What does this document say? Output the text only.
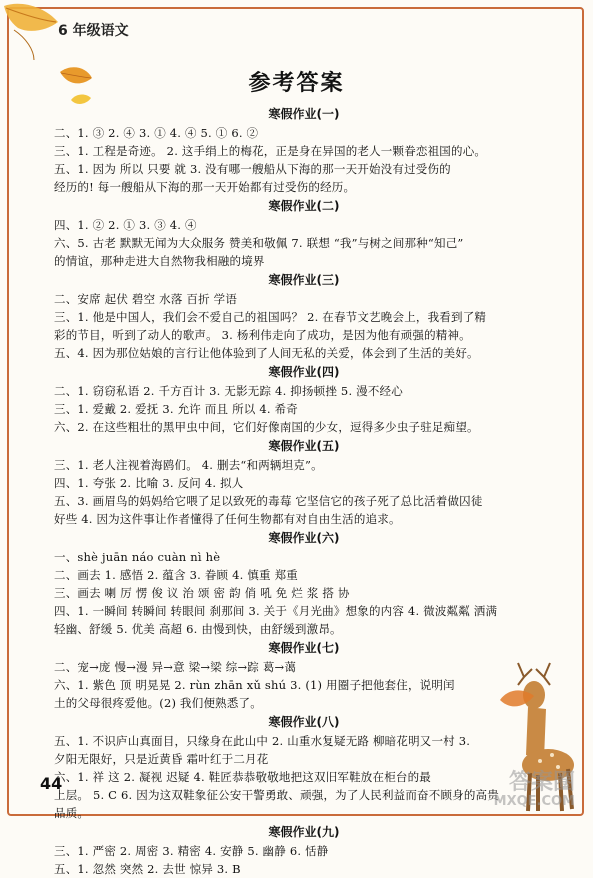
6 年级语文
参考答案
寒假作业(一)
二、1. ③ 2. ④ 3. ① 4. ④ 5. ① 6. ②
三、1. 工程是奇迹。 2. 这手绢上的梅花，正是身在异国的老人一颗眷恋祖国的心。
五、1. 因为 所以 只要 就 3. 没有哪一艘船从下海的那一天开始没有过受伤的
经历的! 每一艘船从下海的那一天开始都有过受伤的经历。
寒假作业(二)
四、1. ② 2. ① 3. ③ 4. ④
六、5. 古老 默默无闻为大众服务 赞美和敬佩 7. 联想 “我”与树之间那种“知己”
的情谊，那种走进大自然物我相融的境界
寒假作业(三)
二、安席 起伏 碧空 水落 百折 学语
三、1. 他是中国人，我们会不爱自己的祖国吗？ 2. 在春节文艺晚会上，我看到了精
彩的节目，听到了动人的歌声。 3. 杨利伟走向了成功，是因为他有顽强的精神。
五、4. 因为那位姑娘的言行让他体验到了人间无私的关爱，体会到了生活的美好。
寒假作业(四)
二、1. 窃窃私语 2. 千方百计 3. 无影无踪 4. 抑扬顿挫 5. 漫不经心
三、1. 爱戴 2. 爱抚 3. 允许 而且 所以 4. 希奇
六、2. 在这些粗壮的黑甲虫中间，它们好像南国的少女，逗得多少虫子驻足痴望。
寒假作业(五)
三、1. 老人注视着海鸥们。 4. 删去“和两辆坦克”。
四、1. 夸张 2. 比喻 3. 反问 4. 拟人
五、3. 画眉鸟的妈妈给它喂了足以致死的毒莓 它坚信它的孩子死了总比活着做囚徒
好些 4. 因为这件事让作者懂得了任何生物都有对自由生活的追求。
寒假作业(六)
一、shè juān náo cuàn nì hè
二、画去 1. 感悟 2. 蕴含 3. 眷顾 4. 慎重 郑重
三、画去 喇 厉 愣 俊 议 治 颂 密 韵 俏 吼 免 烂 浆 搭 协
四、1. 一瞬间 转瞬间 转眼间 刹那间 3. 关于《月光曲》想象的内容 4. 微波粼粼 洒满
轻幽、舒缓 5. 优美 高超 6. 由慢到快，由舒缓到激昂。
寒假作业(七)
二、宠→庞 慢→漫 异→意 梁→梁 综→踪 葛→蔼
六、1. 紫色 顶 明晃晃 2. rùn zhān xǔ shú 3. (1) 用圈子把他套住，说明闰
土的父母很疼爱他。(2) 我们便熟悉了。
寒假作业(八)
五、1. 不识庐山真面目，只缘身在此山中 2. 山重水复疑无路 柳暗花明又一村 3.
夕阳无限好，只是近黄昏 霜叶红于二月花
六、1. 祥 这 2. 凝视 迟疑 4. 鞋匠恭恭敬敬地把这双旧军鞋放在柜台的最
上层。 5. C 6. 因为这双鞋象征公安干警勇敢、顽强，为了人民利益而奋不顾身的高贵
品质。
寒假作业(九)
三、1. 严密 2. 周密 3. 精密 4. 安静 5. 幽静 6. 恬静
五、1. 忽然 突然 2. 去世 惊异 3. B
44	答案圈
MXQE.COM
